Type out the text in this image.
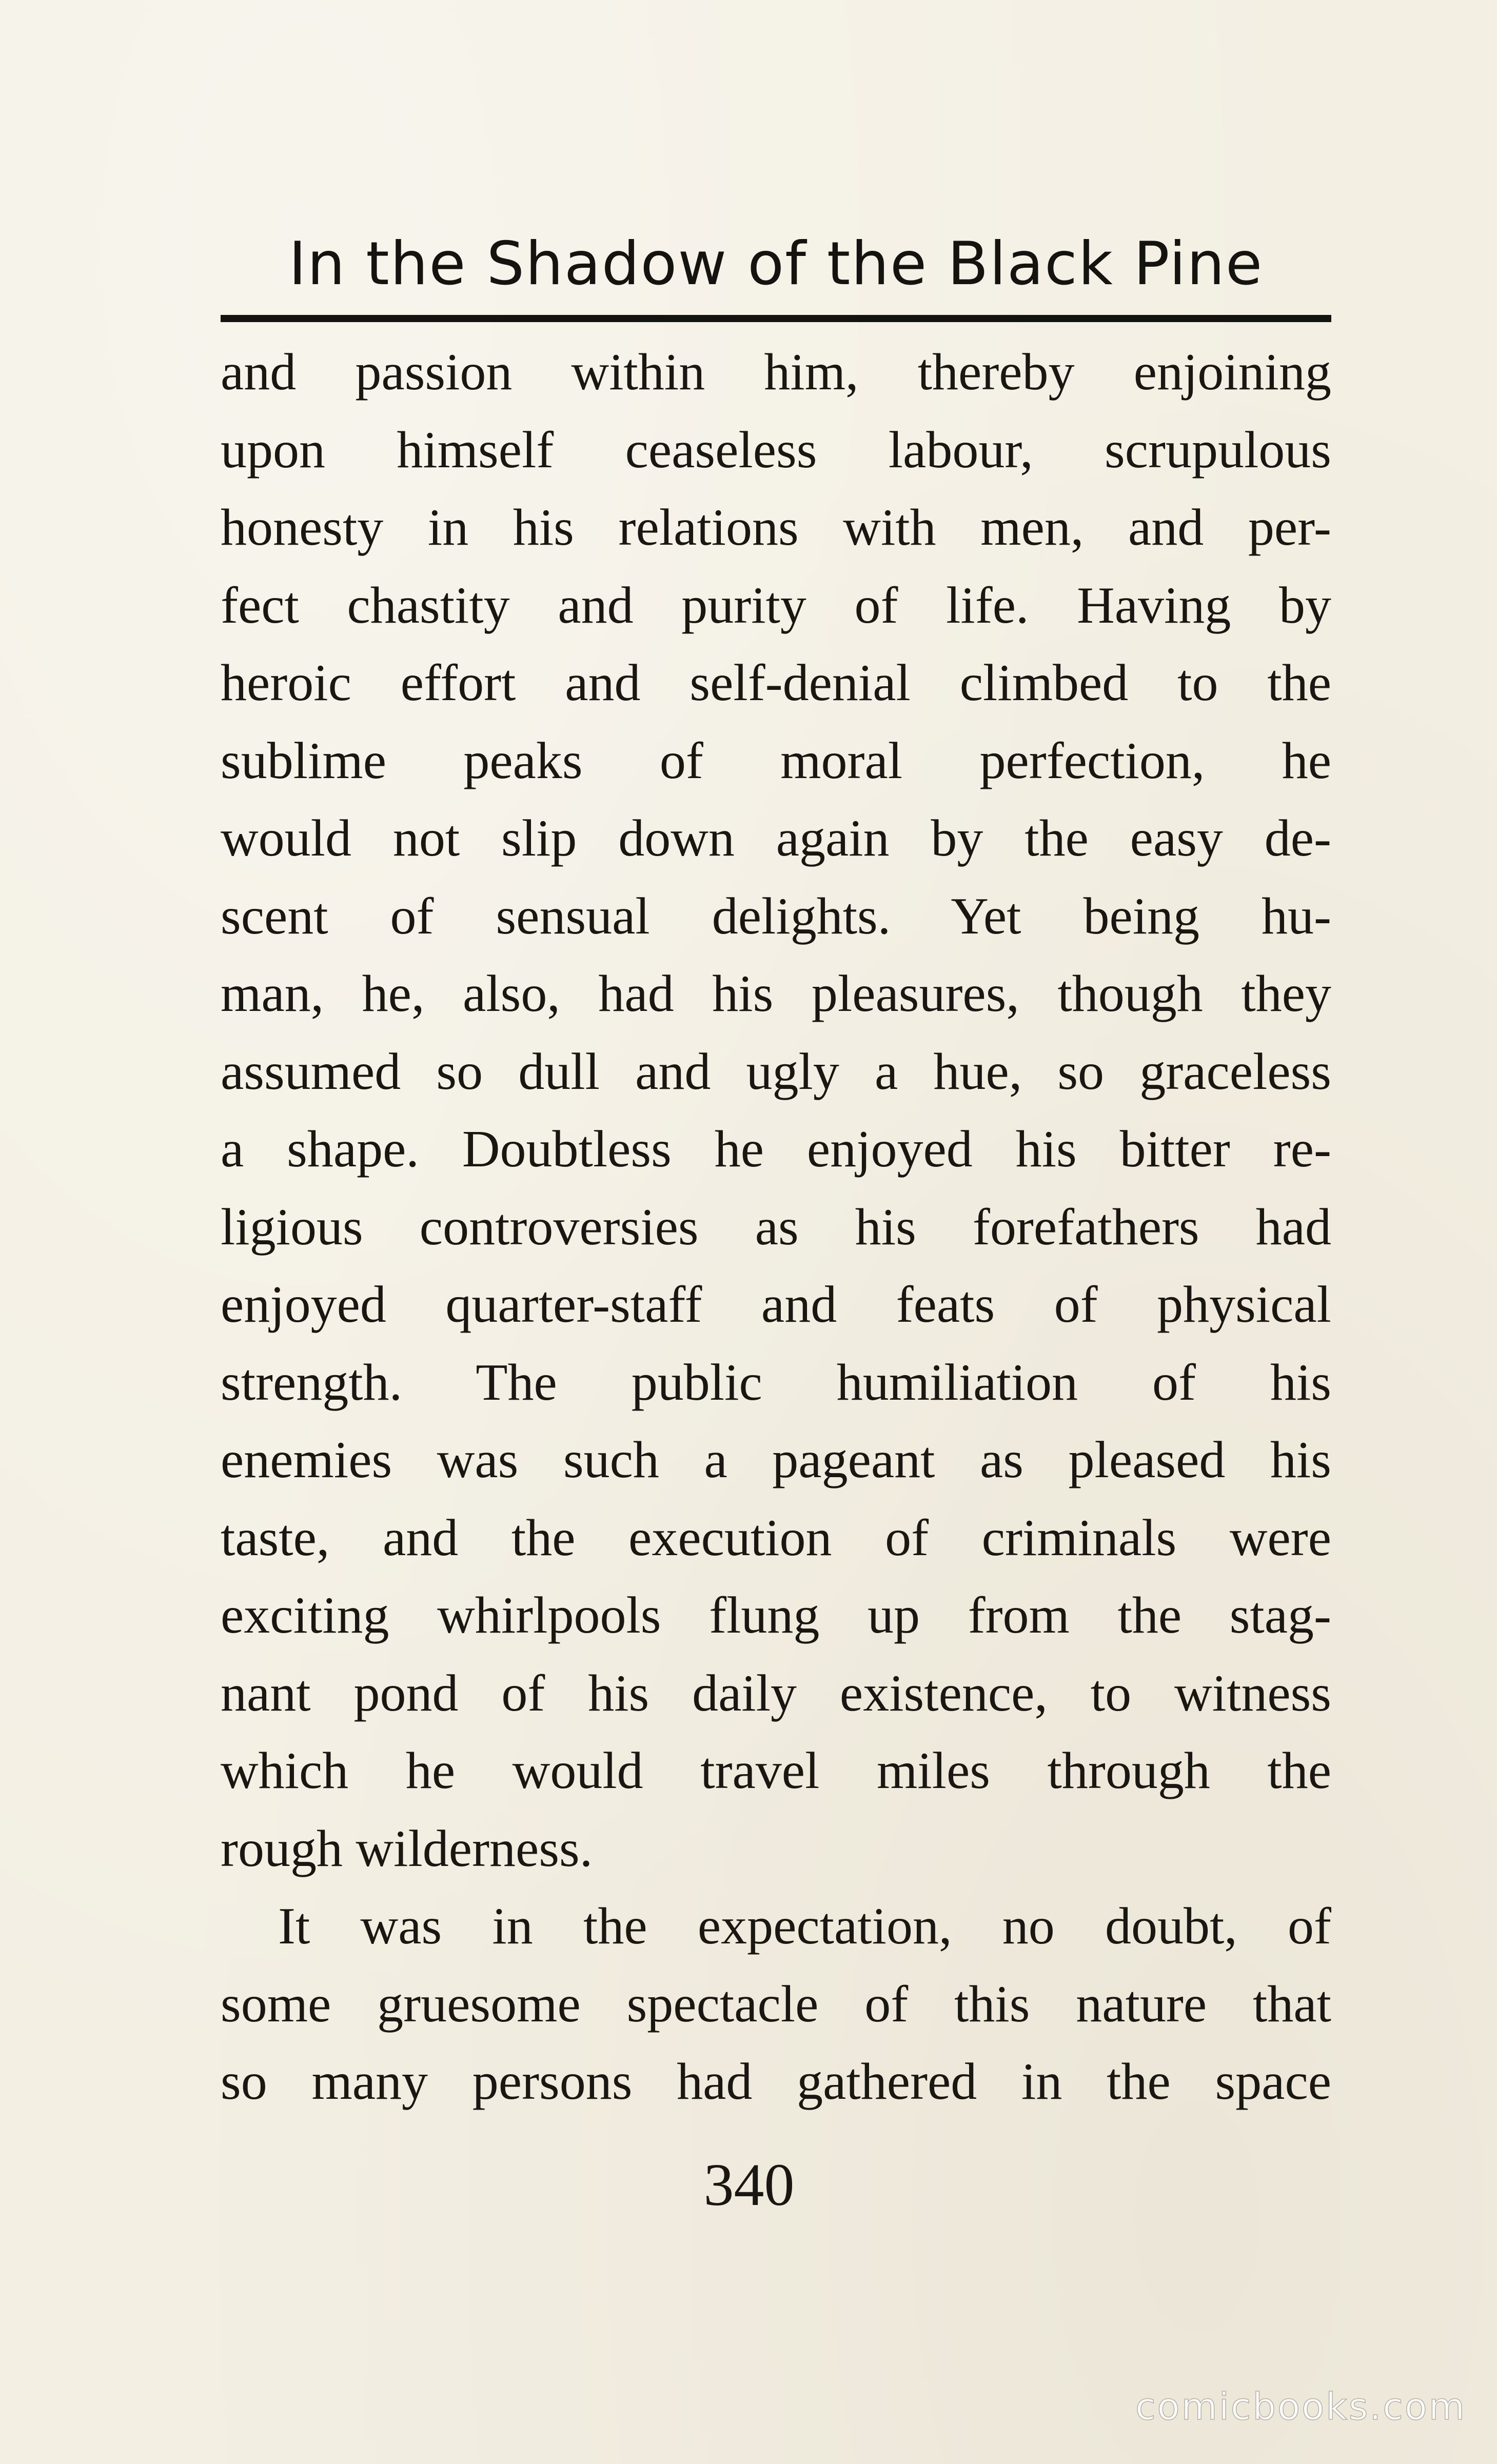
In the Shadow of the Black Pine
and passion within him, thereby enjoining
upon himself ceaseless labour, scrupulous
honesty in his relations with men, and per-
fect chastity and purity of life. Having by
heroic effort and self-denial climbed to the
sublime peaks of moral perfection, he
would not slip down again by the easy de-
scent of sensual delights. Yet being hu-
man, he, also, had his pleasures, though they
assumed so dull and ugly a hue, so graceless
a shape. Doubtless he enjoyed his bitter re-
ligious controversies as his forefathers had
enjoyed quarter-staff and feats of physical
strength. The public humiliation of his
enemies was such a pageant as pleased his
taste, and the execution of criminals were
exciting whirlpools flung up from the stag-
nant pond of his daily existence, to witness
which he would travel miles through the
rough wilderness.
It was in the expectation, no doubt, of
some gruesome spectacle of this nature that
so many persons had gathered in the space
340
comicbooks.com
